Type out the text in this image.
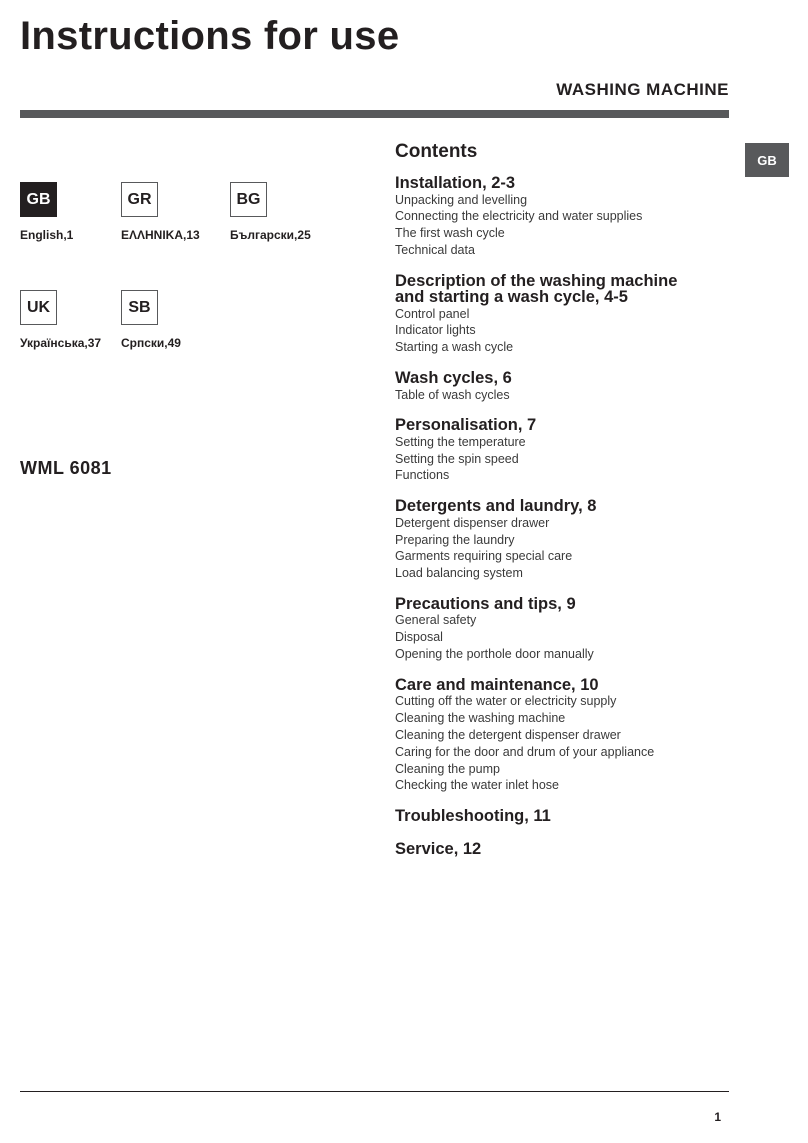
Instructions for use
WASHING MACHINE
GB
GB
English,1
GR
ΕΛΛΗΝΙΚΑ,13
BG
Български,25
UK
Українська,37
SB
Српски,49
WML 6081
Contents
Installation, 2-3
Unpacking and levelling
Connecting the electricity and water supplies
The first wash cycle
Technical data
Description of the washing machine
and starting a wash cycle, 4-5
Control panel
Indicator lights
Starting a wash cycle
Wash cycles, 6
Table of wash cycles
Personalisation, 7
Setting the temperature
Setting the spin speed
Functions
Detergents and laundry, 8
Detergent dispenser drawer
Preparing the laundry
Garments requiring special care
Load balancing system
Precautions and tips, 9
General safety
Disposal
Opening the porthole door manually
Care and maintenance, 10
Cutting off the water or electricity supply
Cleaning the washing machine
Cleaning the detergent dispenser drawer
Caring for the door and drum of your appliance
Cleaning the pump
Checking the water inlet hose
Troubleshooting, 11
Service, 12
1
